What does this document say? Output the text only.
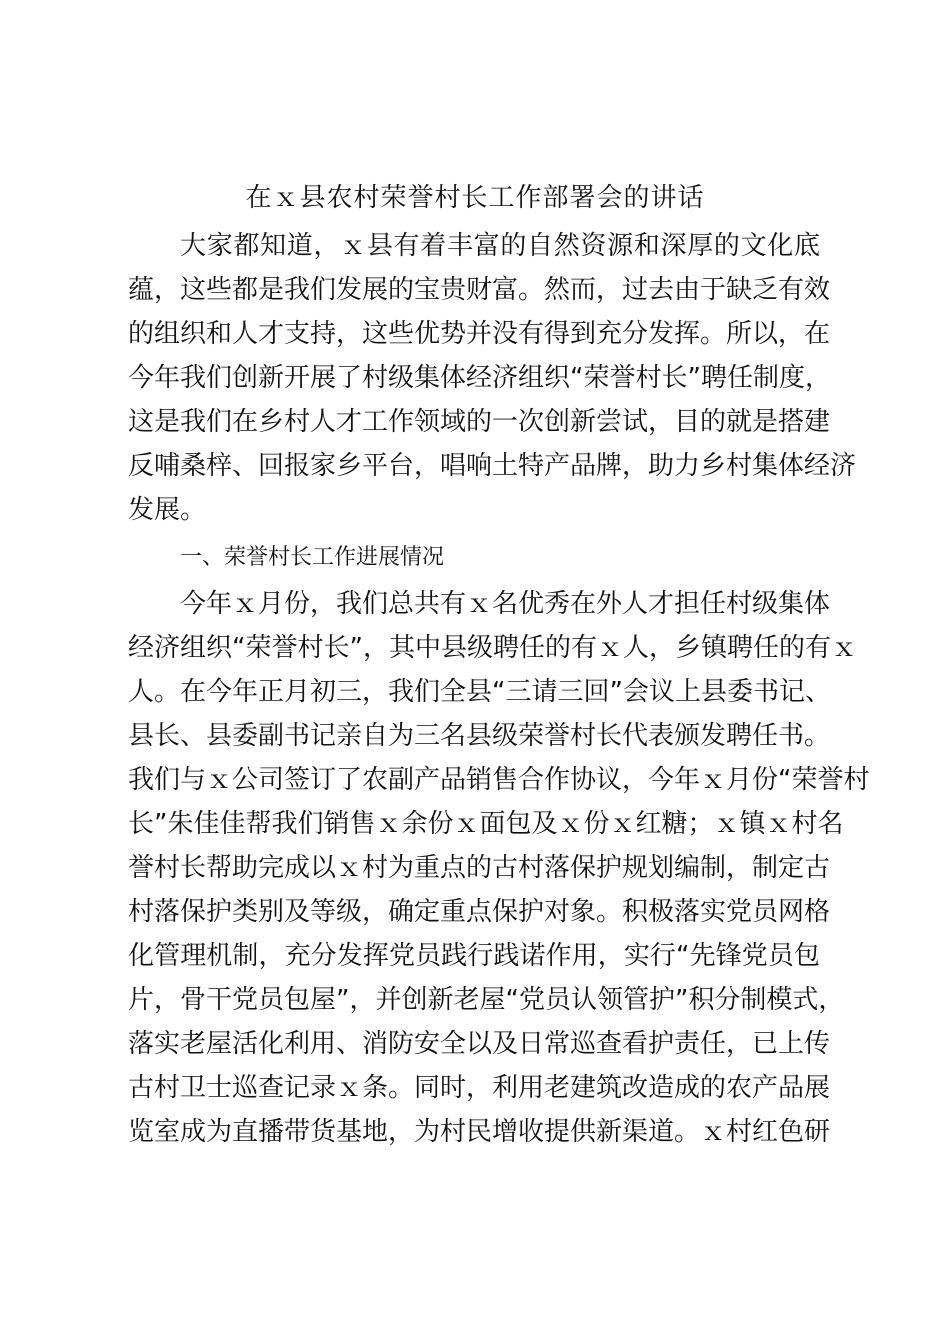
在ｘ县农村荣誉村长工作部署会的讲话
大家都知道，ｘ县有着丰富的自然资源和深厚的文化底
蕴，这些都是我们发展的宝贵财富。然而，过去由于缺乏有效
的组织和人才支持，这些优势并没有得到充分发挥。所以，在
今年我们创新开展了村级集体经济组织“荣誉村长”聘任制度，
这是我们在乡村人才工作领域的一次创新尝试，目的就是搭建
反哺桑梓、回报家乡平台，唱响土特产品牌，助力乡村集体经济
发展。
一、荣誉村长工作进展情况
今年ｘ月份，我们总共有ｘ名优秀在外人才担任村级集体
经济组织“荣誉村长”，其中县级聘任的有ｘ人，乡镇聘任的有ｘ
人。在今年正月初三，我们全县“三请三回”会议上县委书记、
县长、县委副书记亲自为三名县级荣誉村长代表颁发聘任书。
我们与ｘ公司签订了农副产品销售合作协议，今年ｘ月份“荣誉村
长”朱佳佳帮我们销售ｘ余份ｘ面包及ｘ份ｘ红糖；ｘ镇ｘ村名
誉村长帮助完成以ｘ村为重点的古村落保护规划编制，制定古
村落保护类别及等级，确定重点保护对象。积极落实党员网格
化管理机制，充分发挥党员践行践诺作用，实行“先锋党员包
片，骨干党员包屋”，并创新老屋“党员认领管护”积分制模式，
落实老屋活化利用、消防安全以及日常巡查看护责任，已上传
古村卫士巡查记录ｘ条。同时，利用老建筑改造成的农产品展
览室成为直播带货基地，为村民增收提供新渠道。ｘ村红色研
